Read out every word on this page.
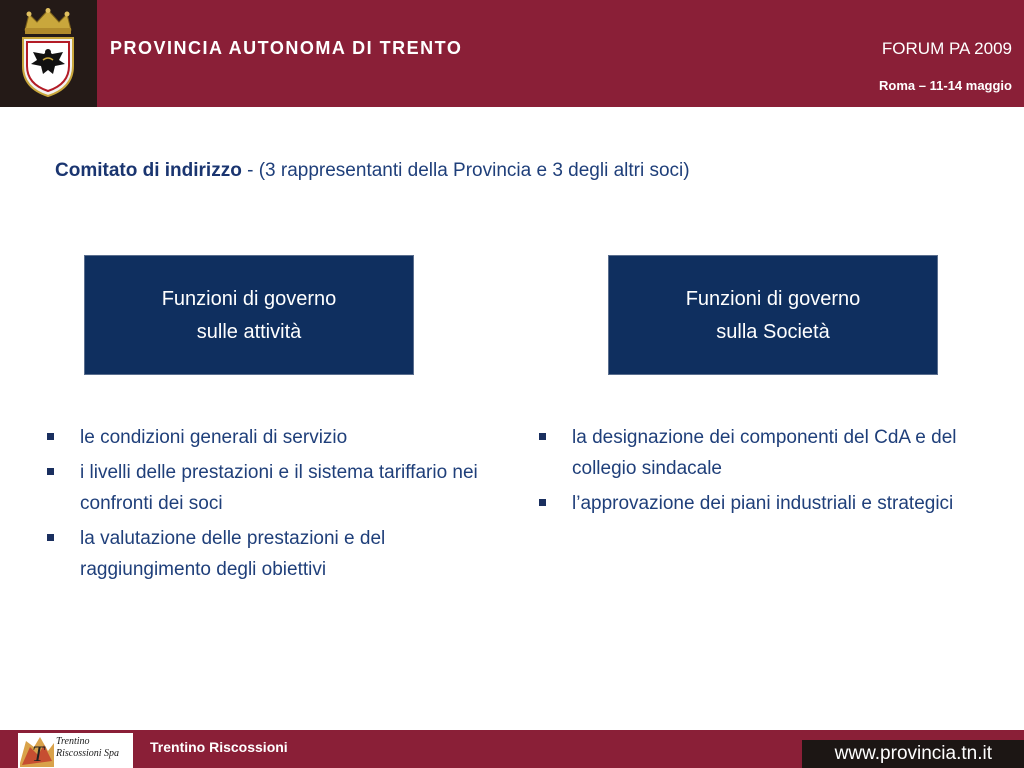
PROVINCIA AUTONOMA DI TRENTO	FORUM PA 2009
Roma – 11-14 maggio
Comitato di indirizzo - (3 rappresentanti della Provincia e 3 degli altri soci)
Funzioni di governo
sulle attività
Funzioni di governo
sulla Società
le condizioni generali di servizio
i livelli delle prestazioni e il sistema tariffario nei confronti dei soci
la valutazione delle prestazioni e del raggiungimento degli obiettivi
la designazione dei componenti del CdA e del collegio sindacale
l’approvazione dei piani industriali e strategici
T Trentino
Riscossioni Spa Trentino Riscossioni	www.provincia.tn.it
